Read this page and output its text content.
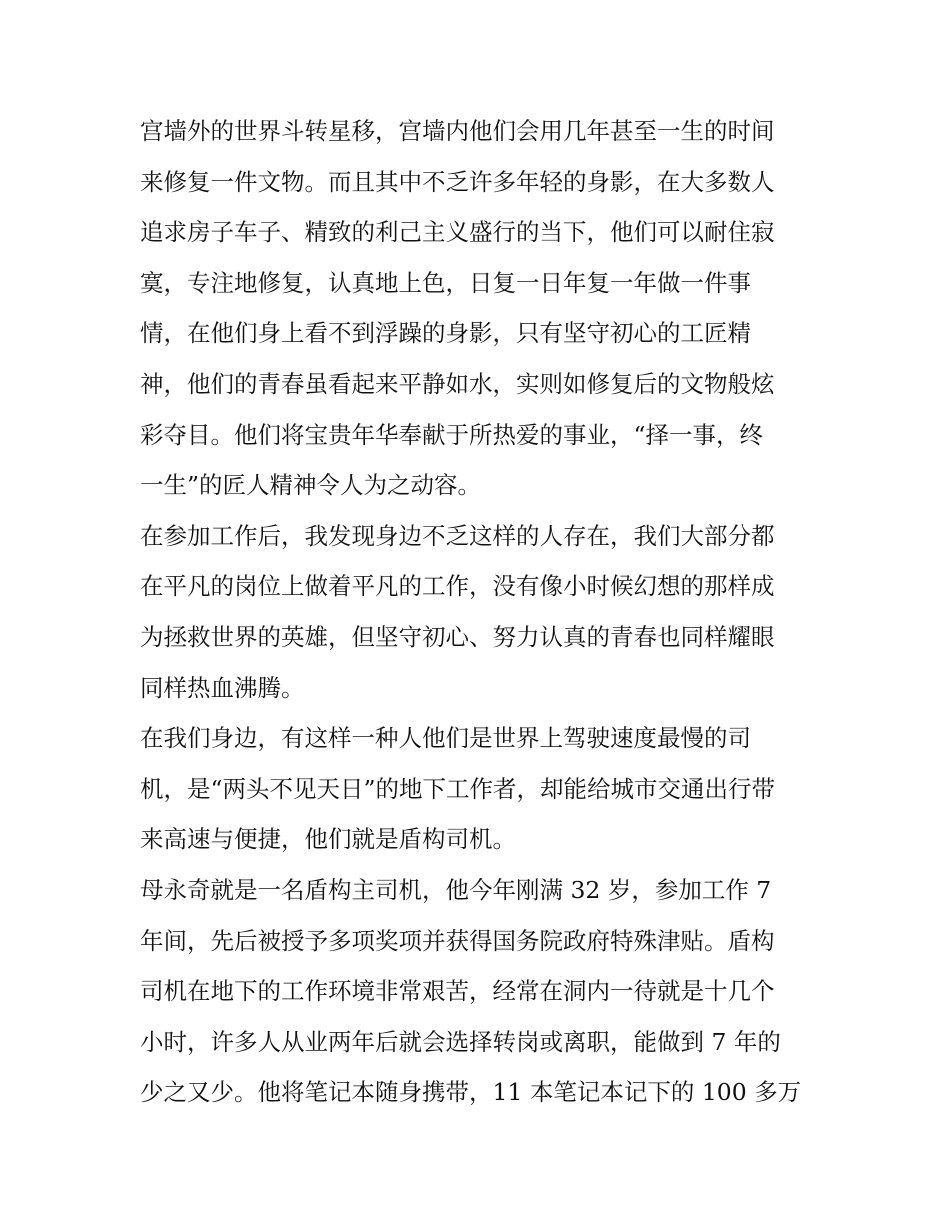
宫墙外的世界斗转星移，宫墙内他们会用几年甚至一生的时间
来修复一件文物。而且其中不乏许多年轻的身影，在大多数人
追求房子车子、精致的利己主义盛行的当下，他们可以耐住寂
寞，专注地修复，认真地上色，日复一日年复一年做一件事
情，在他们身上看不到浮躁的身影，只有坚守初心的工匠精
神，他们的青春虽看起来平静如水，实则如修复后的文物般炫
彩夺目。他们将宝贵年华奉献于所热爱的事业，“择一事，终
一生”的匠人精神令人为之动容。
在参加工作后，我发现身边不乏这样的人存在，我们大部分都
在平凡的岗位上做着平凡的工作，没有像小时候幻想的那样成
为拯救世界的英雄，但坚守初心、努力认真的青春也同样耀眼
同样热血沸腾。
在我们身边，有这样一种人他们是世界上驾驶速度最慢的司
机，是“两头不见天日”的地下工作者，却能给城市交通出行带
来高速与便捷，他们就是盾构司机。
母永奇就是一名盾构主司机，他今年刚满 32 岁，参加工作 7
年间，先后被授予多项奖项并获得国务院政府特殊津贴。盾构
司机在地下的工作环境非常艰苦，经常在洞内一待就是十几个
小时，许多人从业两年后就会选择转岗或离职，能做到 7 年的
少之又少。他将笔记本随身携带，11 本笔记本记下的 100 多万
